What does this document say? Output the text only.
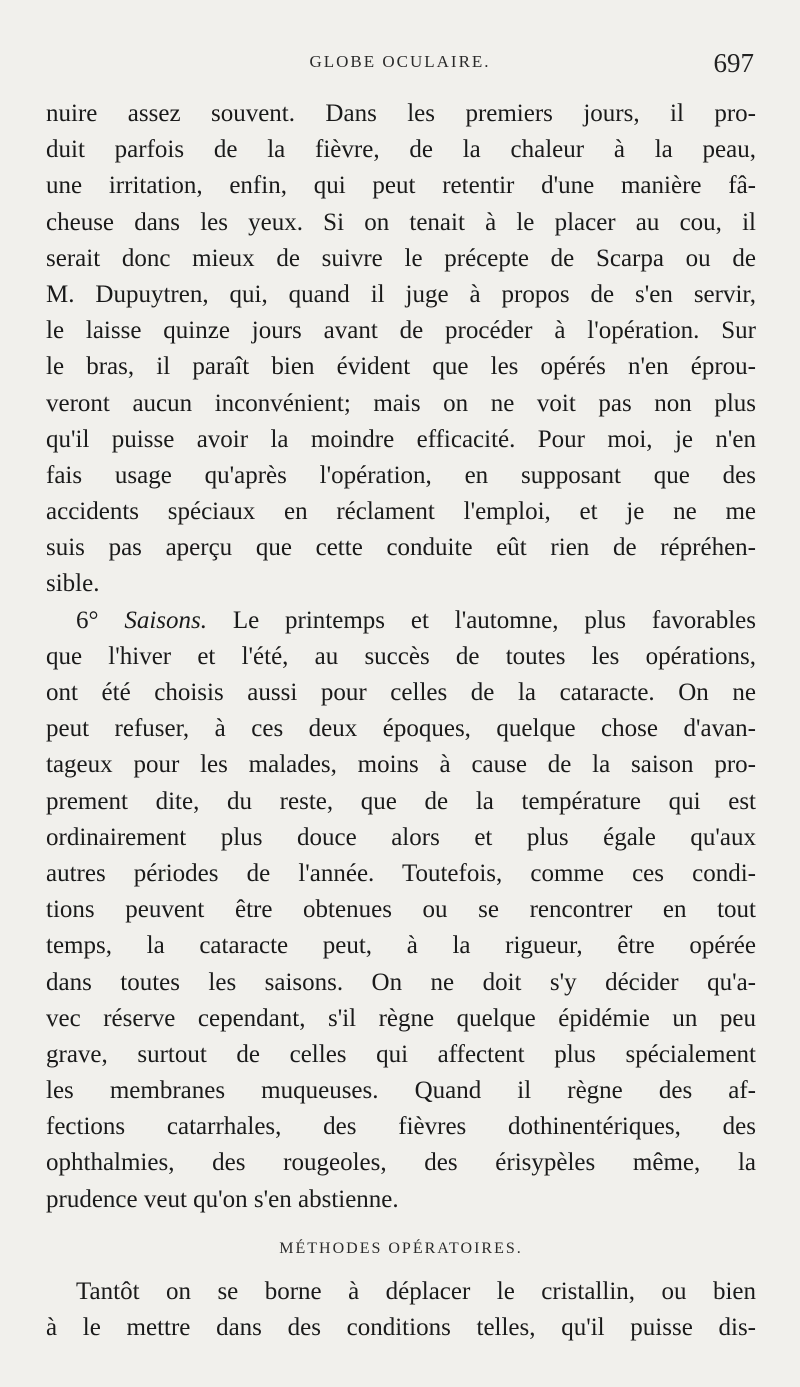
GLOBE OCULAIRE.	697
nuire assez souvent. Dans les premiers jours, il pro-
duit parfois de la fièvre, de la chaleur à la peau,
une irritation, enfin, qui peut retentir d'une manière fâ-
cheuse dans les yeux. Si on tenait à le placer au cou, il
serait donc mieux de suivre le précepte de Scarpa ou de
M. Dupuytren, qui, quand il juge à propos de s'en servir,
le laisse quinze jours avant de procéder à l'opération. Sur
le bras, il paraît bien évident que les opérés n'en éprou-
veront aucun inconvénient; mais on ne voit pas non plus
qu'il puisse avoir la moindre efficacité. Pour moi, je n'en
fais usage qu'après l'opération, en supposant que des
accidents spéciaux en réclament l'emploi, et je ne me
suis pas aperçu que cette conduite eût rien de répréhen-
sible.
6° Saisons. Le printemps et l'automne, plus favorables
que l'hiver et l'été, au succès de toutes les opérations,
ont été choisis aussi pour celles de la cataracte. On ne
peut refuser, à ces deux époques, quelque chose d'avan-
tageux pour les malades, moins à cause de la saison pro-
prement dite, du reste, que de la température qui est
ordinairement plus douce alors et plus égale qu'aux
autres périodes de l'année. Toutefois, comme ces condi-
tions peuvent être obtenues ou se rencontrer en tout
temps, la cataracte peut, à la rigueur, être opérée
dans toutes les saisons. On ne doit s'y décider qu'a-
vec réserve cependant, s'il règne quelque épidémie un peu
grave, surtout de celles qui affectent plus spécialement
les membranes muqueuses. Quand il règne des af-
fections catarrhales, des fièvres dothinentériques, des
ophthalmies, des rougeoles, des érisypèles même, la
prudence veut qu'on s'en abstienne.
MÉTHODES OPÉRATOIRES.
Tantôt on se borne à déplacer le cristallin, ou bien
à le mettre dans des conditions telles, qu'il puisse dis-
